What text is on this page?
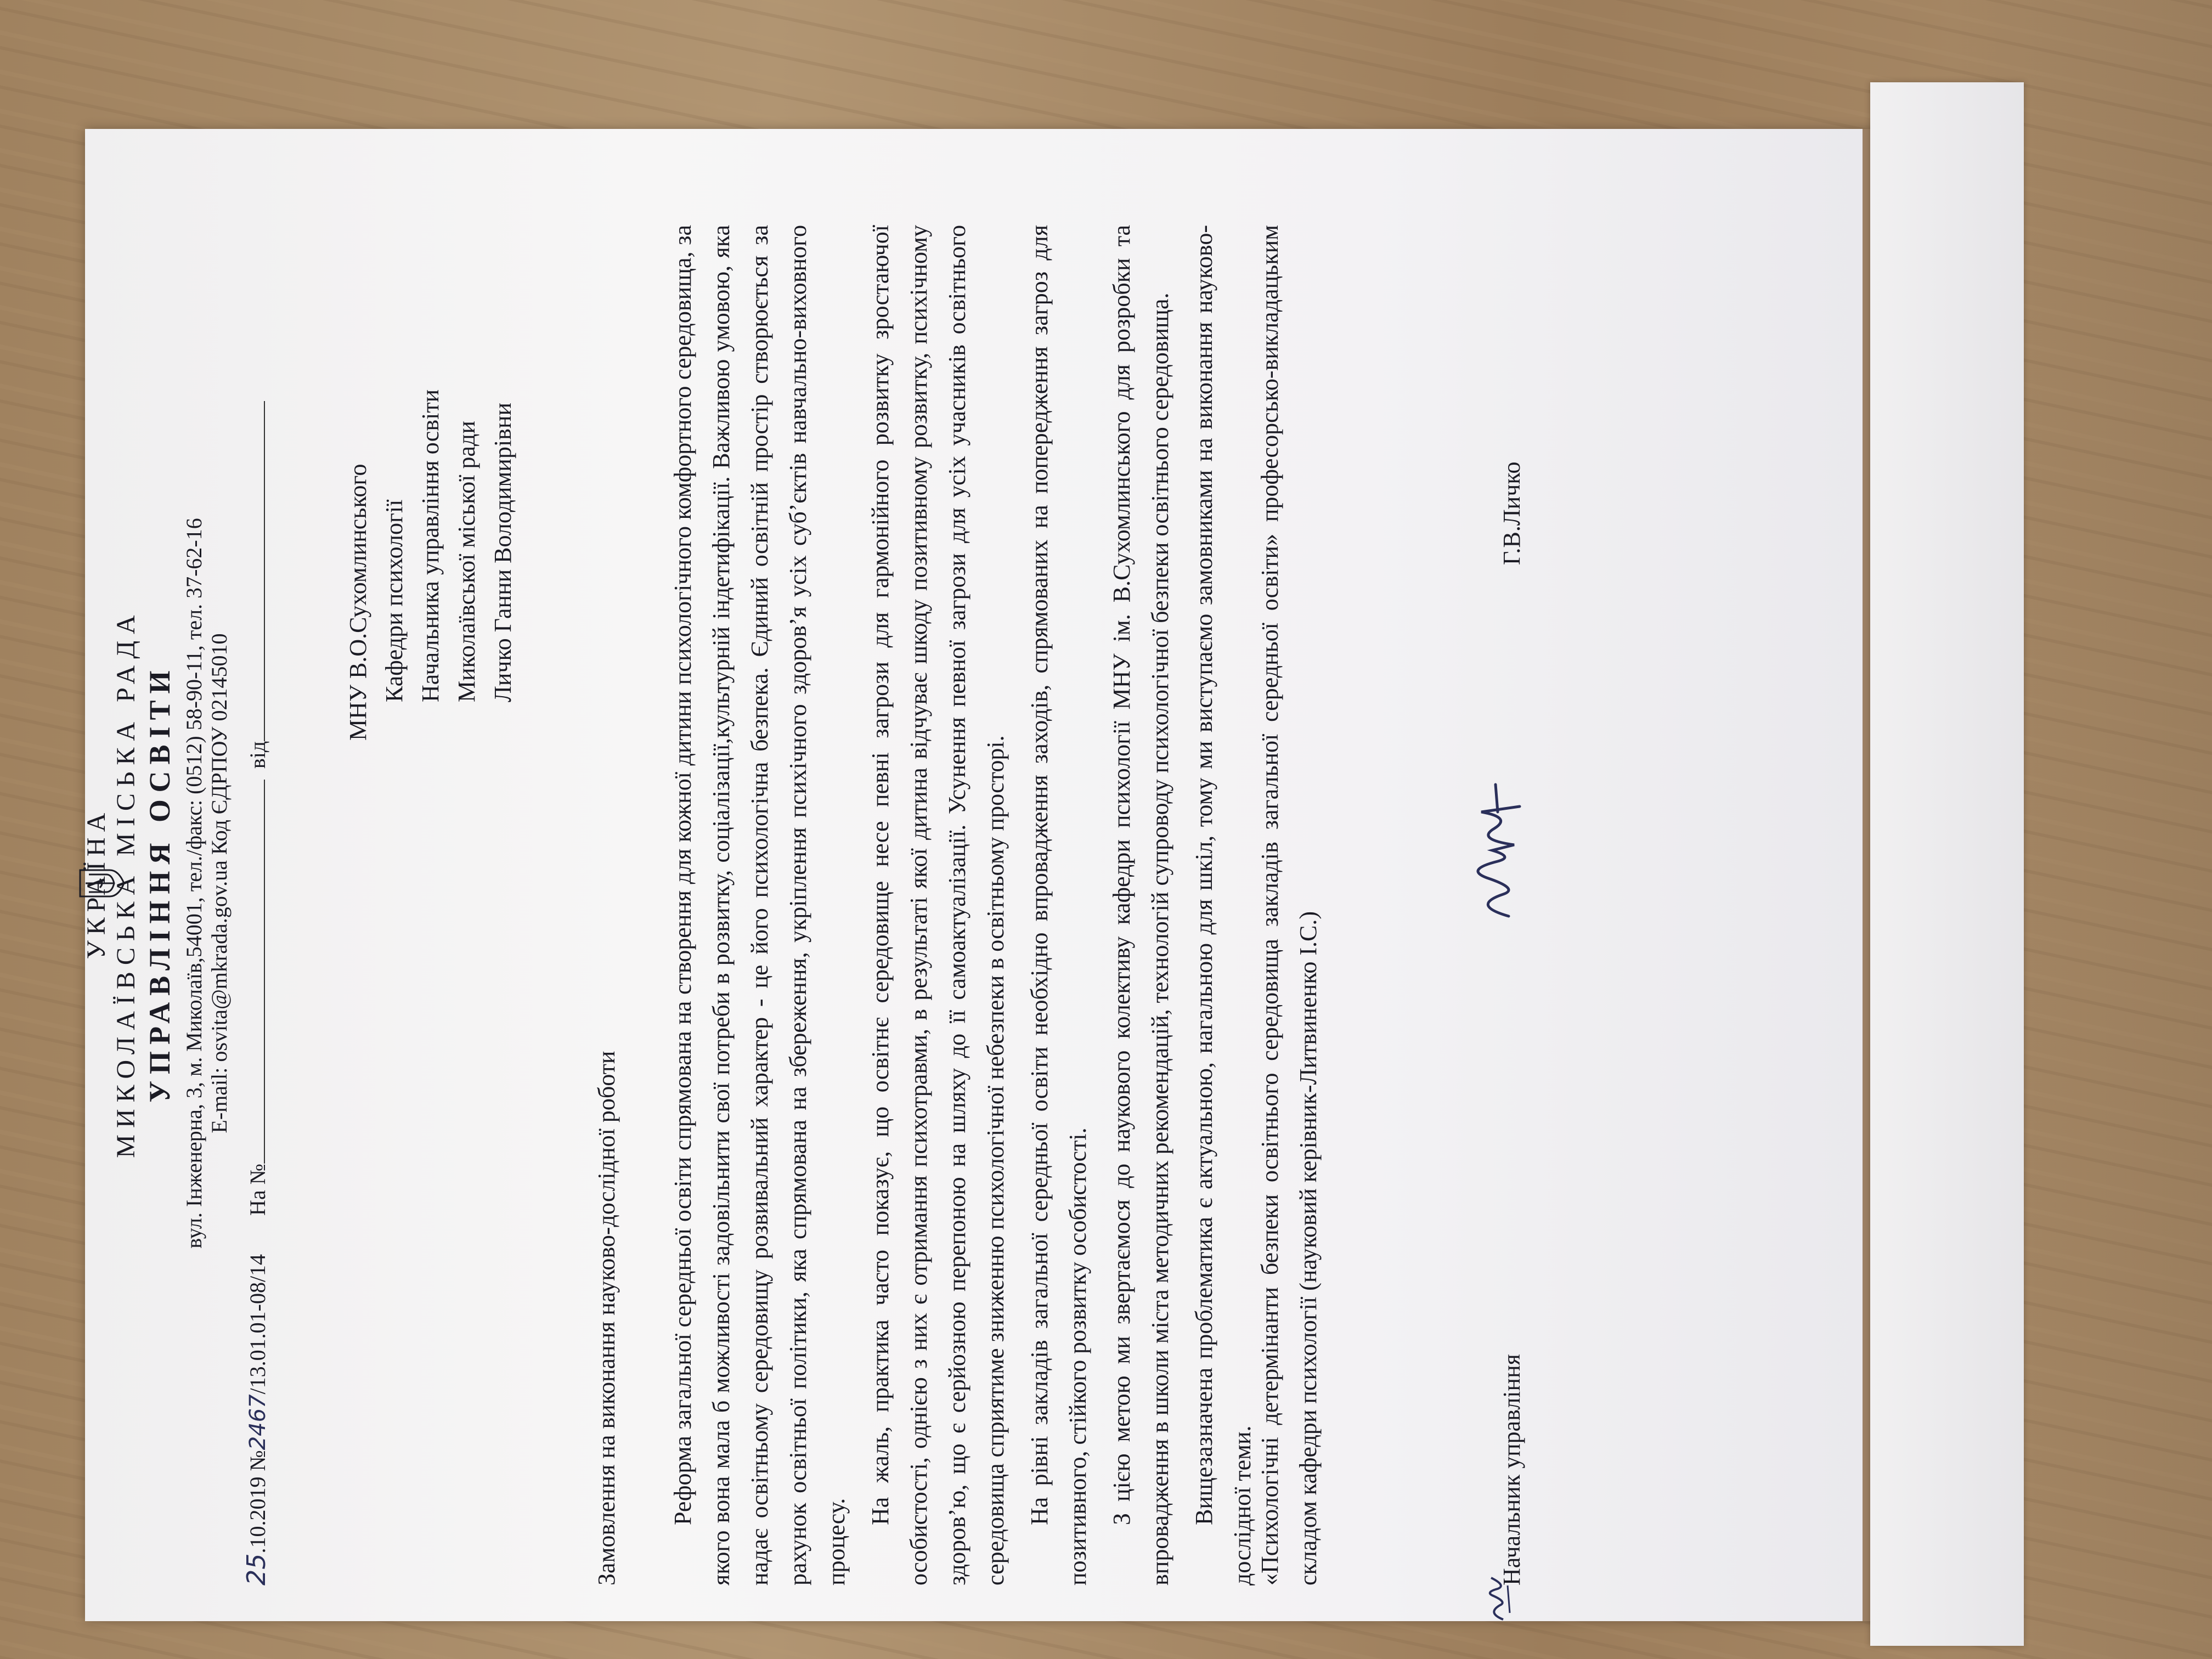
УКРАЇНА МИКОЛАЇВСЬКА МІСЬКА РАДА УПРАВЛІННЯ ОСВІТИ вул. Інженерна, 3, м. Миколаїв,54001, тел./факс: (0512) 58-90-11, тел. 37-62-16 E-mail: osvita@mkrada.gov.ua Код ЄДРПОУ 02145010
25.10.2019 №2467/13.01.01-08/14На №від
МНУ В.О.Сухомлинського Кафедри психології Начальника управління освіти Миколаївської міської ради Личко Ганни Володимирівни
Замовлення на виконання науково-дослідної роботи Реформа загальної середньої освіти спрямована на створення для кожної дитини психологічного комфортного середовища, за якого вона мала б можливості задовільнити свої потреби в розвитку, соціалізації,культурній індетифікації. Важливою умовою, яка надає освітньому середовищу розвивальний характер - це його психологічна безпека. Єдиний освітній простір створюється за рахунок освітньої політики, яка спрямована на збереження, укріплення психічного здоров’я усіх суб’єктів навчально-виховного процесу.

На жаль, практика часто показує, що освітнє середовище несе певні загрози для гармонійного розвитку зростаючої особистості, однією з них є отримання психотравми, в результаті якої дитина відчуває шкоду позитивному розвитку, психічному здоров’ю, що є серйозною перепоною на шляху до її самоактуалізації. Усунення певної загрози для усіх учасників освітнього середовища сприятиме зниженню психологічної небезпеки в освітньому просторі. На рівні закладів загальної середньої освіти необхідно впровадження заходів, спрямованих на попередження загроз для позитивного, стійкого розвитку особистості. З цією метою ми звертаємося до наукового колективу кафедри психології МНУ ім. В.Сухомлинського для розробки та впровадження в школи міста методичних рекомендацій, технологій супроводу психологічної безпеки освітнього середовища. Вищезазначена проблематика є актуальною, нагальною для шкіл, тому ми виступаємо замовниками на виконання науково-дослідної теми. «Психологічні детермінанти безпеки освітнього середовища закладів загальної середньої освіти» професорсько-викладацьким складом кафедри психології (науковий керівник-Литвиненко І.С.)	Начальник управління
Г.В.Личко
